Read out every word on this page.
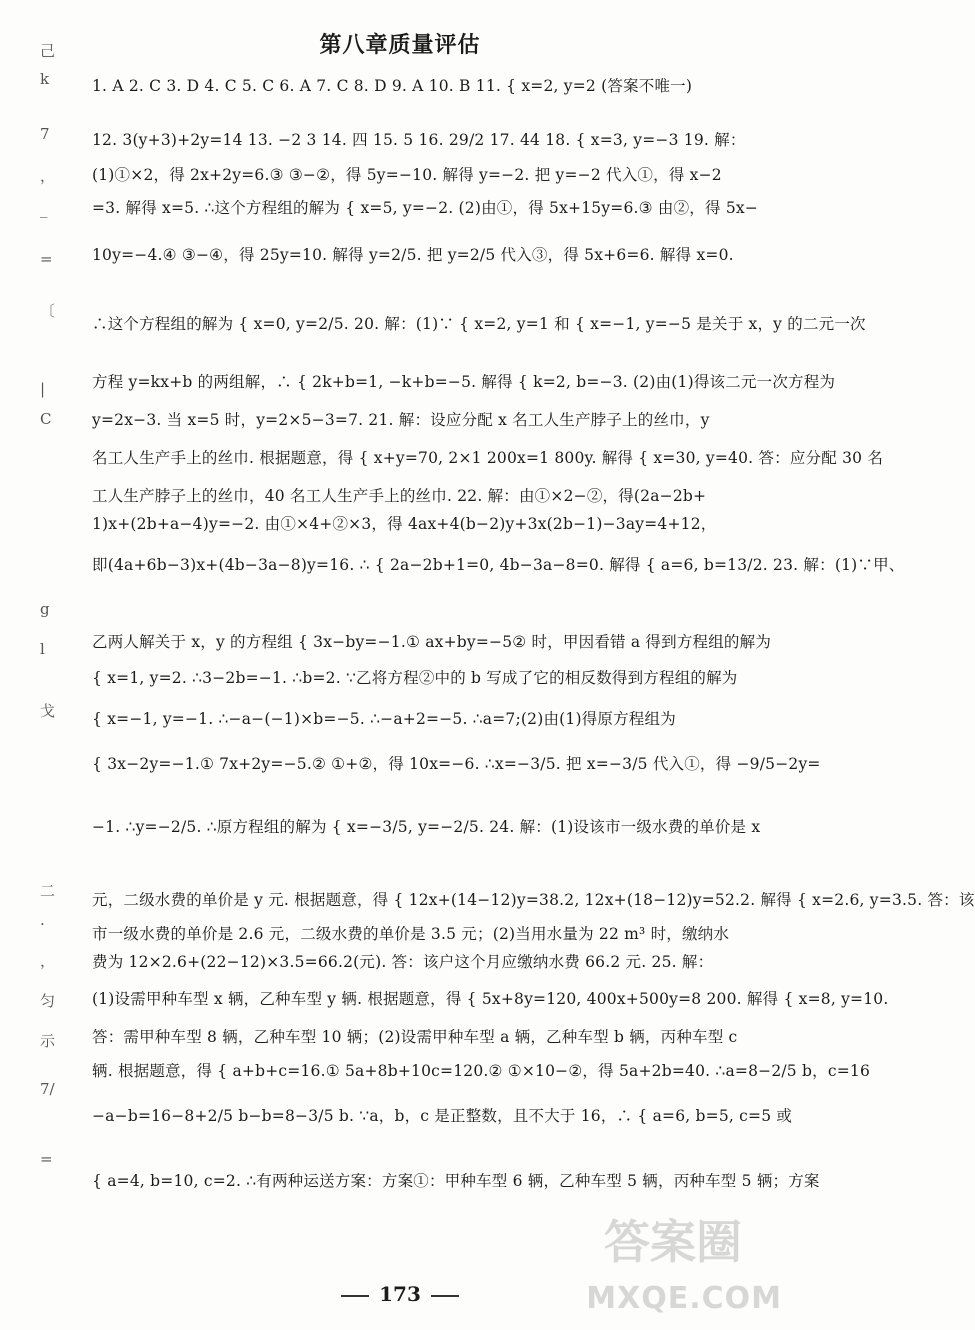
第八章质量评估
1. A 2. C 3. D 4. C 5. C 6. A 7. C 8. D 9. A 10. B 11. { x=2, y=2 (答案不唯一)
12. 3(y+3)+2y=14 13. −2 3 14. 四 15. 5 16. 29/2 17. 44 18. { x=3, y=−3 19. 解：
(1)①×2，得 2x+2y=6.③ ③−②，得 5y=−10. 解得 y=−2. 把 y=−2 代入①，得 x−2
=3. 解得 x=5. ∴这个方程组的解为 { x=5, y=−2. (2)由①，得 5x+15y=6.③ 由②，得 5x−
10y=−4.④ ③−④，得 25y=10. 解得 y=2/5. 把 y=2/5 代入③，得 5x+6=6. 解得 x=0.
∴这个方程组的解为 { x=0, y=2/5. 20. 解：(1)∵ { x=2, y=1 和 { x=−1, y=−5 是关于 x，y 的二元一次
方程 y=kx+b 的两组解，∴ { 2k+b=1, −k+b=−5. 解得 { k=2, b=−3. (2)由(1)得该二元一次方程为
y=2x−3. 当 x=5 时，y=2×5−3=7. 21. 解：设应分配 x 名工人生产脖子上的丝巾，y
名工人生产手上的丝巾. 根据题意，得 { x+y=70, 2×1 200x=1 800y. 解得 { x=30, y=40. 答：应分配 30 名
工人生产脖子上的丝巾，40 名工人生产手上的丝巾. 22. 解：由①×2−②，得(2a−2b+
1)x+(2b+a−4)y=−2. 由①×4+②×3，得 4ax+4(b−2)y+3x(2b−1)−3ay=4+12，
即(4a+6b−3)x+(4b−3a−8)y=16. ∴ { 2a−2b+1=0, 4b−3a−8=0. 解得 { a=6, b=13/2. 23. 解：(1)∵甲、
乙两人解关于 x，y 的方程组 { 3x−by=−1.① ax+by=−5② 时，甲因看错 a 得到方程组的解为
{ x=1, y=2. ∴3−2b=−1. ∴b=2. ∵乙将方程②中的 b 写成了它的相反数得到方程组的解为
{ x=−1, y=−1. ∴−a−(−1)×b=−5. ∴−a+2=−5. ∴a=7;(2)由(1)得原方程组为
{ 3x−2y=−1.① 7x+2y=−5.② ①+②，得 10x=−6. ∴x=−3/5. 把 x=−3/5 代入①，得 −9/5−2y=
−1. ∴y=−2/5. ∴原方程组的解为 { x=−3/5, y=−2/5. 24. 解：(1)设该市一级水费的单价是 x
元，二级水费的单价是 y 元. 根据题意，得 { 12x+(14−12)y=38.2, 12x+(18−12)y=52.2. 解得 { x=2.6, y=3.5. 答：该
市一级水费的单价是 2.6 元，二级水费的单价是 3.5 元；(2)当用水量为 22 m³ 时，缴纳水
费为 12×2.6+(22−12)×3.5=66.2(元). 答：该户这个月应缴纳水费 66.2 元. 25. 解：
(1)设需甲种车型 x 辆，乙种车型 y 辆. 根据题意，得 { 5x+8y=120, 400x+500y=8 200. 解得 { x=8, y=10.
答：需甲种车型 8 辆，乙种车型 10 辆；(2)设需甲种车型 a 辆，乙种车型 b 辆，丙种车型 c
辆. 根据题意，得 { a+b+c=16.① 5a+8b+10c=120.② ①×10−②，得 5a+2b=40. ∴a=8−2/5 b，c=16
−a−b=16−8+2/5 b−b=8−3/5 b. ∵a，b，c 是正整数，且不大于 16，∴ { a=6, b=5, c=5 或
{ a=4, b=10, c=2. ∴有两种运送方案：方案①：甲种车型 6 辆，乙种车型 5 辆，丙种车型 5 辆；方案
己
k
7
，
_
=
〔
|
C
g
l
戈
二
·
，
匀
示
7/
=
173
答案圈
MXQE.COM
